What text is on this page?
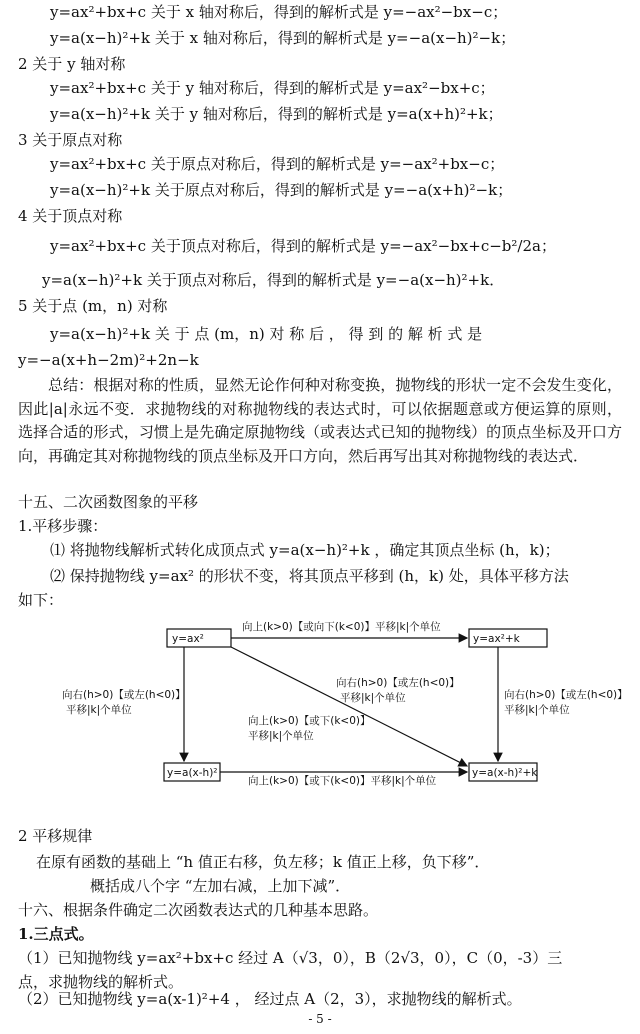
y=ax²+bx+c 关于 x 轴对称后，得到的解析式是 y=−ax²−bx−c；
y=a(x−h)²+k 关于 x 轴对称后，得到的解析式是 y=−a(x−h)²−k；
2 关于 y 轴对称
y=ax²+bx+c 关于 y 轴对称后，得到的解析式是 y=ax²−bx+c；
y=a(x−h)²+k 关于 y 轴对称后，得到的解析式是 y=a(x+h)²+k；
3 关于原点对称
y=ax²+bx+c 关于原点对称后，得到的解析式是 y=−ax²+bx−c；
y=a(x−h)²+k 关于原点对称后，得到的解析式是 y=−a(x+h)²−k；
4 关于顶点对称
y=ax²+bx+c 关于顶点对称后，得到的解析式是 y=−ax²−bx+c−b²/2a；
y=a(x−h)²+k 关于顶点对称后，得到的解析式是 y=−a(x−h)²+k．
5 关于点 (m，n) 对称
y=a(x−h)²+k 关 于 点 (m，n) 对 称 后 ， 得 到 的 解 析 式 是
y=−a(x+h−2m)²+2n−k
总结：根据对称的性质，显然无论作何种对称变换，抛物线的形状一定不会发生变化，因此|a|永远不变．求抛物线的对称抛物线的表达式时，可以依据题意或方便运算的原则，选择合适的形式，习惯上是先确定原抛物线（或表达式已知的抛物线）的顶点坐标及开口方向，再确定其对称抛物线的顶点坐标及开口方向，然后再写出其对称抛物线的表达式．
十五、二次函数图象的平移
1.平移步骤：
⑴ 将抛物线解析式转化成顶点式 y=a(x−h)²+k ，确定其顶点坐标 (h，k)；
⑵ 保持抛物线 y=ax² 的形状不变，将其顶点平移到 (h，k) 处，具体平移方法
如下：
y=ax²	y=ax²+k
y=a(x-h)²	y=a(x-h)²+k
向上(k>0)【或向下(k<0)】平移|k|个单位
向上(k>0)【或下(k<0)】平移|k|个单位
向右(h>0)【或左(h<0)】
平移|k|个单位
向右(h>0)【或左(h<0)】
平移|k|个单位
向右(h>0)【或左(h<0)】
平移|k|个单位
向上(k>0)【或下(k<0)】
平移|k|个单位
2 平移规律
在原有函数的基础上 “h 值正右移，负左移；k 值正上移，负下移”．
概括成八个字 “左加右减，上加下减”．
十六、根据条件确定二次函数表达式的几种基本思路。
1.三点式。
（1）已知抛物线 y=ax²+bx+c 经过 A（√3，0），B（2√3，0），C（0，-3）三
点，求抛物线的解析式。
（2）已知抛物线 y=a(x-1)²+4 ， 经过点 A（2，3），求抛物线的解析式。
- 5 -
